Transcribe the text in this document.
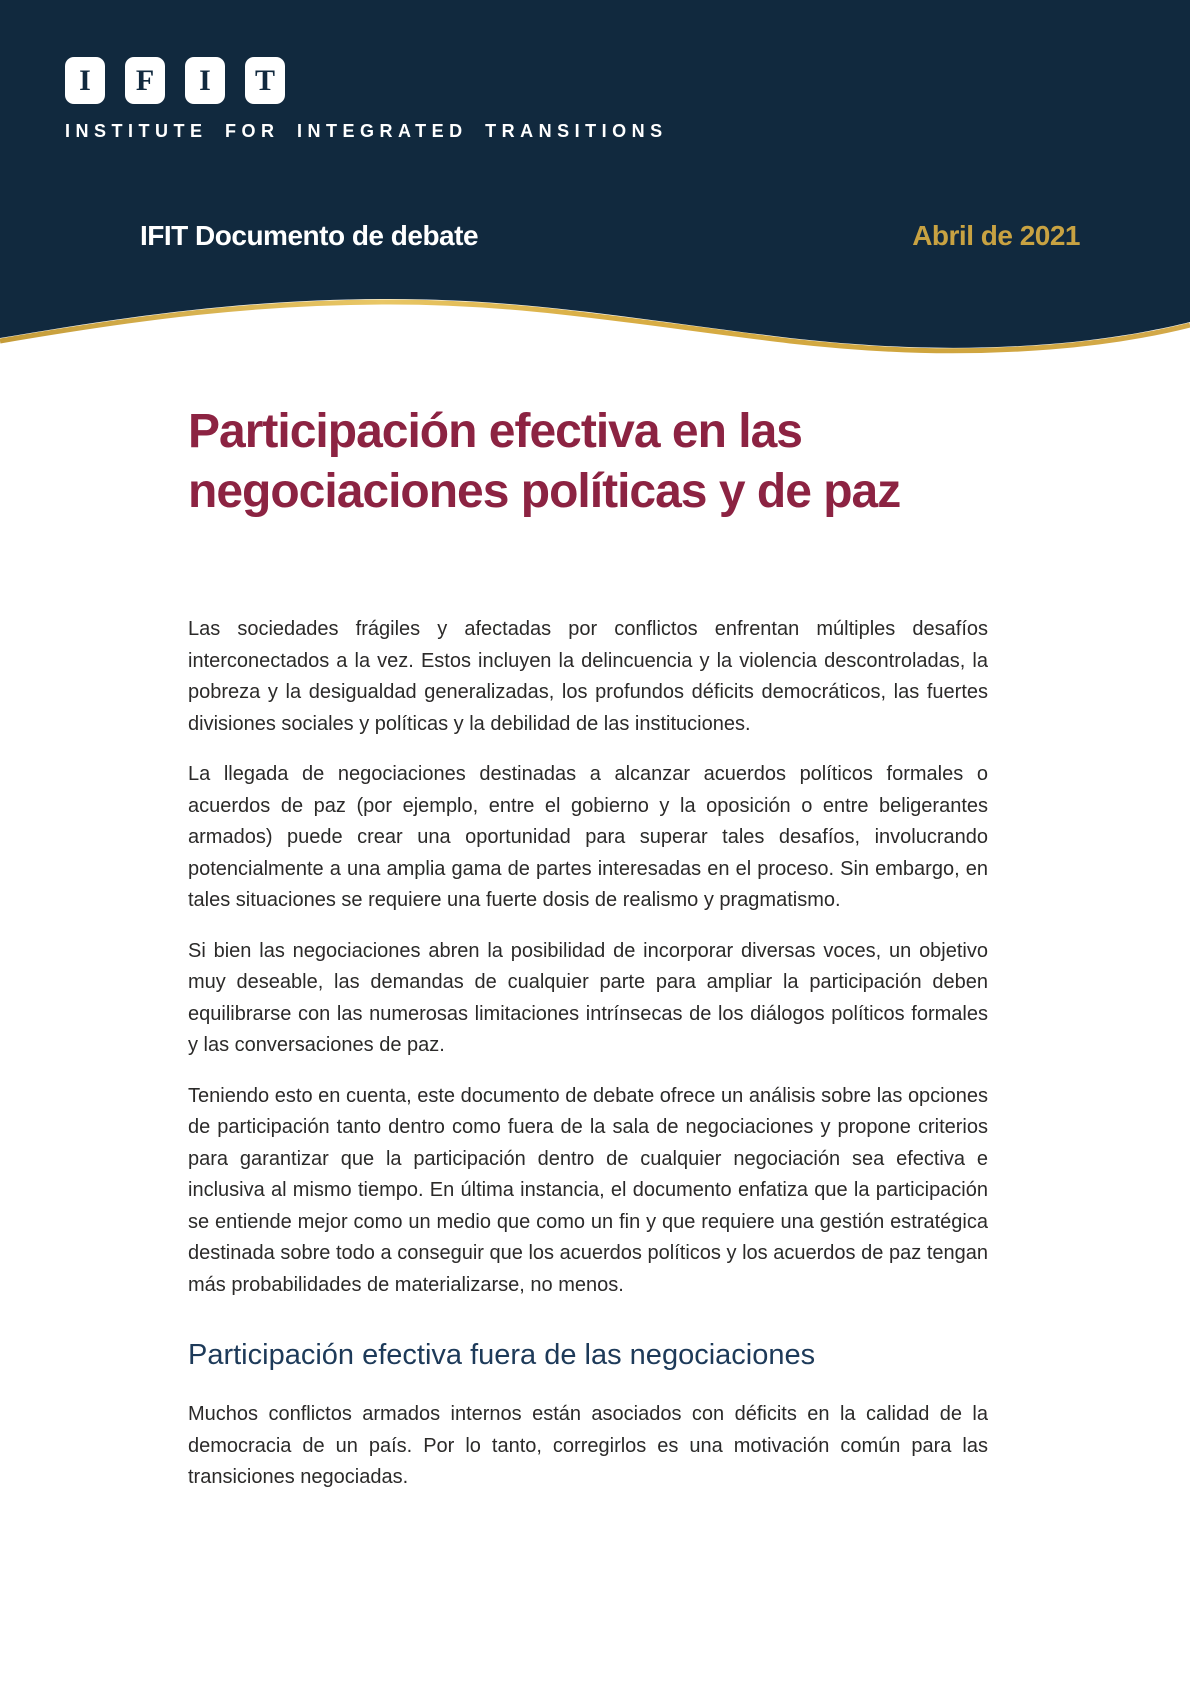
I F I T
INSTITUTE FOR INTEGRATED TRANSITIONS
IFIT Documento de debate	Abril de 2021
Participación efectiva en las
negociaciones políticas y de paz

Las sociedades frágiles y afectadas por conflictos enfrentan múltiples desafíos interconectados a la vez. Estos incluyen la delincuencia y la violencia descontroladas, la pobreza y la desigualdad generalizadas, los profundos déficits democráticos, las fuertes divisiones sociales y políticas y la debilidad de las instituciones.

La llegada de negociaciones destinadas a alcanzar acuerdos políticos formales o acuerdos de paz (por ejemplo, entre el gobierno y la oposición o entre beligerantes armados) puede crear una oportunidad para superar tales desafíos, involucrando potencialmente a una amplia gama de partes interesadas en el proceso. Sin embargo, en tales situaciones se requiere una fuerte dosis de realismo y pragmatismo.

Si bien las negociaciones abren la posibilidad de incorporar diversas voces, un objetivo muy deseable, las demandas de cualquier parte para ampliar la participación deben equilibrarse con las numerosas limitaciones intrínsecas de los diálogos políticos formales y las conversaciones de paz.

Teniendo esto en cuenta, este documento de debate ofrece un análisis sobre las opciones de participación tanto dentro como fuera de la sala de negociaciones y propone criterios para garantizar que la participación dentro de cualquier negociación sea efectiva e inclusiva al mismo tiempo. En última instancia, el documento enfatiza que la participación se entiende mejor como un medio que como un fin y que requiere una gestión estratégica destinada sobre todo a conseguir que los acuerdos políticos y los acuerdos de paz tengan más probabilidades de materializarse, no menos.

Participación efectiva fuera de las negociaciones

Muchos conflictos armados internos están asociados con déficits en la calidad de la democracia de un país. Por lo tanto, corregirlos es una motivación común para las transiciones negociadas.
